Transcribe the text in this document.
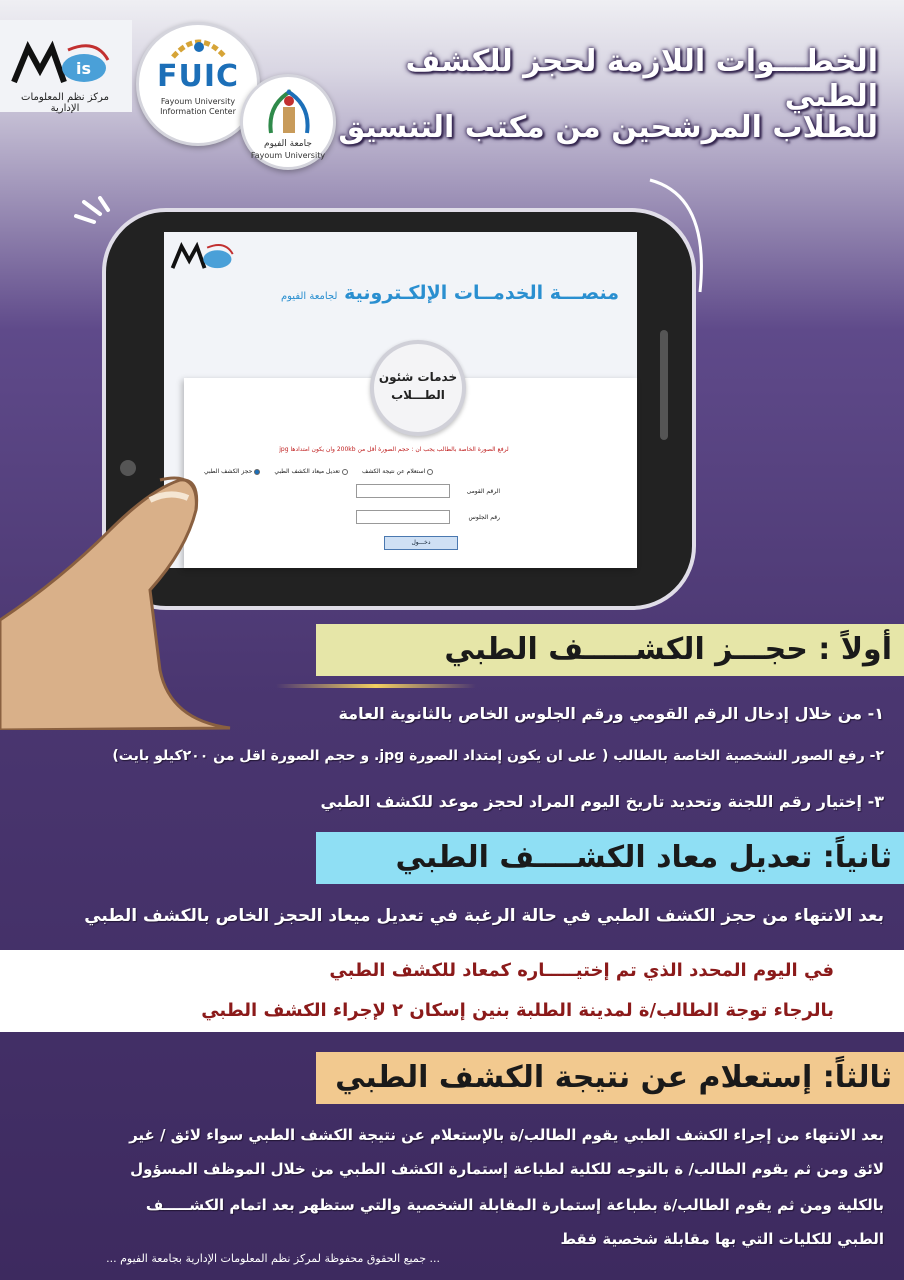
is
مركز نظم المعلومات الإدارية
FUIC
Fayoum University Information Center
جامعة الفيوم
Fayoum University
الخطـــوات اللازمة لحجز للكشف الطبي
للطلاب المرشحين من مكتب التنسيق
منصـــة الخدمــات الإلكـترونية لجامعة الفيوم
خدمات شئون
الطـــلاب
لرفع الصورة الخاصة بالطالب يجب ان : حجم الصورة أقل من 200kb وان يكون امتدادها jpg
حجز الكشف الطبي	تعديل ميعاد الكشف الطبي	استعلام عن نتيجة الكشف
الرقم القومى
رقم الجلوس
دخـــول
أولاً : حجـــز الكشـــــف الطبي
١- من خلال إدخال الرقم القومي ورقم الجلوس الخاص بالثانوية العامة
٢- رفع الصور الشخصية الخاصة بالطالب ( على ان يكون إمتداد الصورة jpg. و حجم الصورة اقل من ٢٠٠كيلو بايت)
٣- إختيار رقم اللجنة وتحديد تاريخ اليوم المراد لحجز موعد للكشف الطبي
ثانياً: تعديل معاد الكشــــف الطبي
بعد الانتهاء من حجز الكشف الطبي في حالة الرغبة في تعديل ميعاد الحجز الخاص بالكشف الطبي
في اليوم المحدد الذي تم إختيـــــاره كمعاد للكشف الطبي
بالرجاء توجة الطالب/ة لمدينة الطلبة بنين إسكان ٢ لإجراء الكشف الطبي
ثالثاً: إستعلام عن نتيجة الكشف الطبي
بعد الانتهاء من إجراء الكشف الطبي يقوم الطالب/ة بالإستعلام عن نتيجة الكشف الطبي سواء لائق / غير
لائق ومن ثم يقوم الطالب/ ة بالتوجه للكلية لطباعة إستمارة الكشف الطبي من خلال الموظف المسؤول
بالكلية ومن ثم يقوم الطالب/ة بطباعة إستمارة المقابلة الشخصية والتي ستظهر بعد اتمام الكشـــــف
الطبي للكليات التي بها مقابلة شخصية فقط
... جميع الحقوق محفوظة لمركز نظم المعلومات الإدارية بجامعة الفيوم ...
